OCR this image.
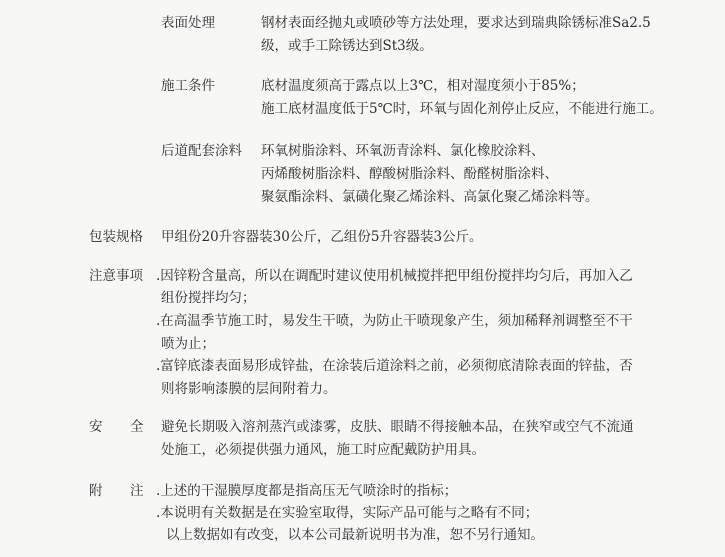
表面处理	钢材表面经抛丸或喷砂等方法处理，要求达到瑞典除锈标准Sa2.5
级，或手工除锈达到St3级。
施工条件	底材温度须高于露点以上3℃，相对湿度须小于85%；
施工底材温度低于5℃时，环氧与固化剂停止反应，不能进行施工。
后道配套涂料 环氧树脂涂料、环氧沥青涂料、氯化橡胶涂料、
丙烯酸树脂涂料、醇酸树脂涂料、酚醛树脂涂料、
聚氨酯涂料、氯磺化聚乙烯涂料、高氯化聚乙烯涂料等。
包装规格 甲组份20升容器装30公斤，乙组份5升容器装3公斤。
注意事项 .因锌粉含量高，所以在调配时建议使用机械搅拌把甲组份搅拌均匀后，再加入乙
组份搅拌均匀；
.在高温季节施工时，易发生干喷，为防止干喷现象产生，须加稀释剂调整至不干
喷为止；
.富锌底漆表面易形成锌盐，在涂装后道涂料之前，必须彻底清除表面的锌盐，否
则将影响漆膜的层间附着力。
安 全 避免长期吸入溶剂蒸汽或漆雾，皮肤、眼睛不得接触本品，在狭窄或空气不流通
处施工，必须提供强力通风，施工时应配戴防护用具。
附 注 .上述的干湿膜厚度都是指高压无气喷涂时的指标；
.本说明有关数据是在实验室取得，实际产品可能与之略有不同；
以上数据如有改变，以本公司最新说明书为准，恕不另行通知。
